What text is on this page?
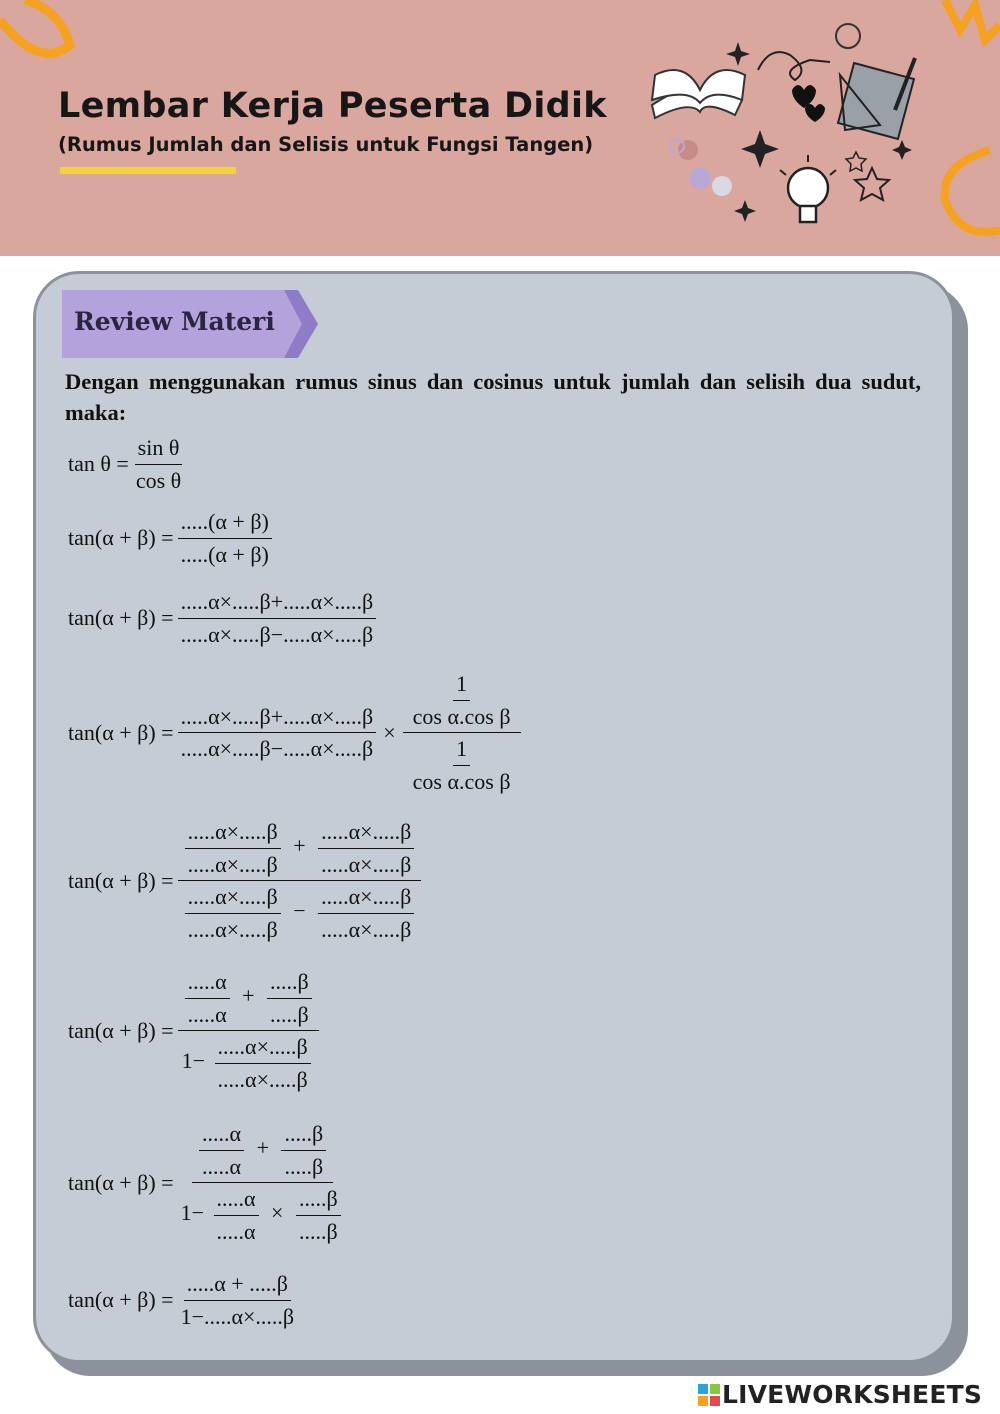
Lembar Kerja Peserta Didik
(Rumus Jumlah dan Selisis untuk Fungsi Tangen)
Review Materi
Dengan menggunakan rumus sinus dan cosinus untuk jumlah dan selisih dua sudut, maka:
$\tan \theta = \frac{\text{sin θ}}{\text{cos θ}}$
$\tan(\alpha + \beta) = \frac{.....(\alpha + \beta)}{.....(\alpha + \beta)}$
$\tan(\alpha + \beta) = \frac{.....\alpha\times.....\beta+.....\alpha\times.....\beta}{.....\alpha\times.....\beta-.....\alpha\times.....\beta}$
$\tan(\alpha + \beta) = \frac{.....\alpha\times.....\beta+.....\alpha\times.....\beta}{.....\alpha\times.....\beta-.....\alpha\times.....\beta} \times \frac{\frac{1}{\text{cos α.cos β}}}{\frac{1}{\text{cos α.cos β}}}$
tan(α + β) =
$\frac{.....\alpha\times.....\beta}{.....\alpha\times.....\beta} + \frac{.....\alpha\times.....\beta}{.....\alpha\times.....\beta}$
$\frac{.....\alpha\times.....\beta}{.....\alpha\times.....\beta} - \frac{.....\alpha\times.....\beta}{.....\alpha\times.....\beta}$
tan(α + β) =
$\frac{.....\alpha}{.....\alpha} + \frac{.....\beta}{.....\beta}$
$1- \frac{.....\alpha\times.....\beta}{.....\alpha\times.....\beta}$
tan(α + β) =
$\frac{.....\alpha}{.....\alpha} + \frac{.....\beta}{.....\beta}$
$1- \frac{.....\alpha}{.....\alpha} \times \frac{.....\beta}{.....\beta}$
$\tan(\alpha + \beta) = \frac{.....\alpha + .....\beta}{1-.....\alpha\times.....\beta}$
LIVEWORKSHEETS
